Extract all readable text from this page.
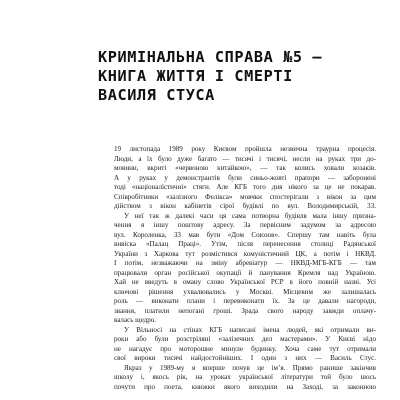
КРИМІНАЛЬНА СПРАВА №5 —
КНИГА ЖИТТЯ І СМЕРТІ
ВАСИЛЯ СТУСА
19 листопада 1989 року Києвом пройшла незвична траурна процесія.
Люди, а їх було дуже багато — тисячі і тисячі, несли на руках три до-
мовини, вкриті «червоною китайкою», — так колись ховали козаків.
А у руках у демонстрантів були синьо-жовті прапори — заборонені
тоді «націоналістичні» стяги. Але КГБ того дня нікого за це не покарав.
Співробітники «залізного Фелікса» мовчки спостерігали з вікон за цим
дійством з вікон кабінетів сірої будівлі по вул. Володимирській, 33.
У неї так ж далекі часи ця сама потворна будівля мала іншу призна-
чення я іншу поштову адресу. За первісним задумом за адресою
вул. Короленка, 33 мав бути «Дом Союзов». Спершу там навіть була
вивіска «Палац Праці». Утім, після перенесення столиці Радянської
України з Харкова тут розмістився комуністичний ЦК, а потім і НКВД.
І потім, незважаючи на зміну абревіатур — НКВД-МГБ-КГБ — там
працювали орган російської окупації й панування Кремля над Україною.
Хай не введуть в оману слово Української РСР в його повній назві. Усі
ключові рішення ухвалювались у Москві. Місцевим же залишалась
роль — виконати плани і перевиконати їх. За це давали нагороди,
звання, платили непогані гроші. Зрада свого народу завжди оплачу-
валась щедро.
У Вільносі на стінах КГБ написані імена людей, які отримали ви-
роки або були розстріляні «залізечних дел мастерами». У Києві нідо
не нагадує про моторошне минуле будинку. Хоча саме тут отримали
свої вироки тисячі найдостойніших. І один з них — Василь Стус.
Якраз у 1989-му я вперше почув це ім’я. Прямо ранише закінчив
школу і, якось рік, на уроках української літератури той було шось
почути про поета, книжки якого виходили на Заході, за законною
